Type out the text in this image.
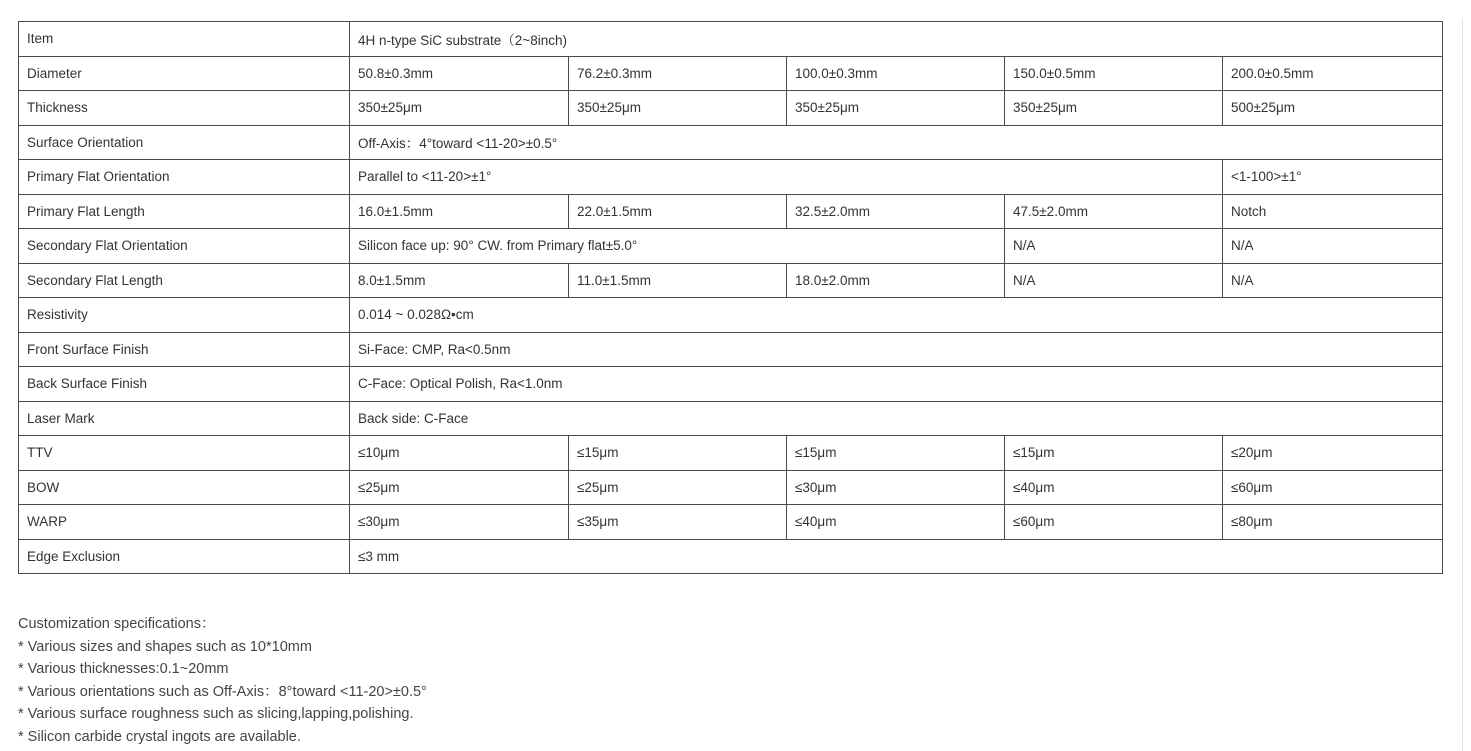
Item	4H n-type SiC substrate（2~8inch)				
Diameter	50.8±0.3mm	76.2±0.3mm	100.0±0.3mm	150.0±0.5mm	200.0±0.5mm
Thickness	350±25μm	350±25μm	350±25μm	350±25μm	500±25μm
Surface Orientation	Off-Axis：4°toward <11-20>±0.5°				
Primary Flat Orientation	Parallel to <11-20>±1°				<1-100>±1°
Primary Flat Length	16.0±1.5mm	22.0±1.5mm	32.5±2.0mm	47.5±2.0mm	Notch
Secondary Flat Orientation	Silicon face up: 90° CW. from Primary flat±5.0°			N/A	N/A
Secondary Flat Length	8.0±1.5mm	11.0±1.5mm	18.0±2.0mm	N/A	N/A
Resistivity	0.014 ~ 0.028Ω•cm				
Front Surface Finish	Si-Face: CMP, Ra<0.5nm				
Back Surface Finish	C-Face: Optical Polish, Ra<1.0nm				
Laser Mark	Back side: C-Face				
TTV	≤10μm	≤15μm	≤15μm	≤15μm	≤20μm
BOW	≤25μm	≤25μm	≤30μm	≤40μm	≤60μm
WARP	≤30μm	≤35μm	≤40μm	≤60μm	≤80μm
Edge Exclusion	≤3 mm				
Customization specifications：
* Various sizes and shapes such as 10*10mm
* Various thicknesses:0.1~20mm
* Various orientations such as Off-Axis：8°toward <11-20>±0.5°
* Various surface roughness such as slicing,lapping,polishing.
* Silicon carbide crystal ingots are available.
